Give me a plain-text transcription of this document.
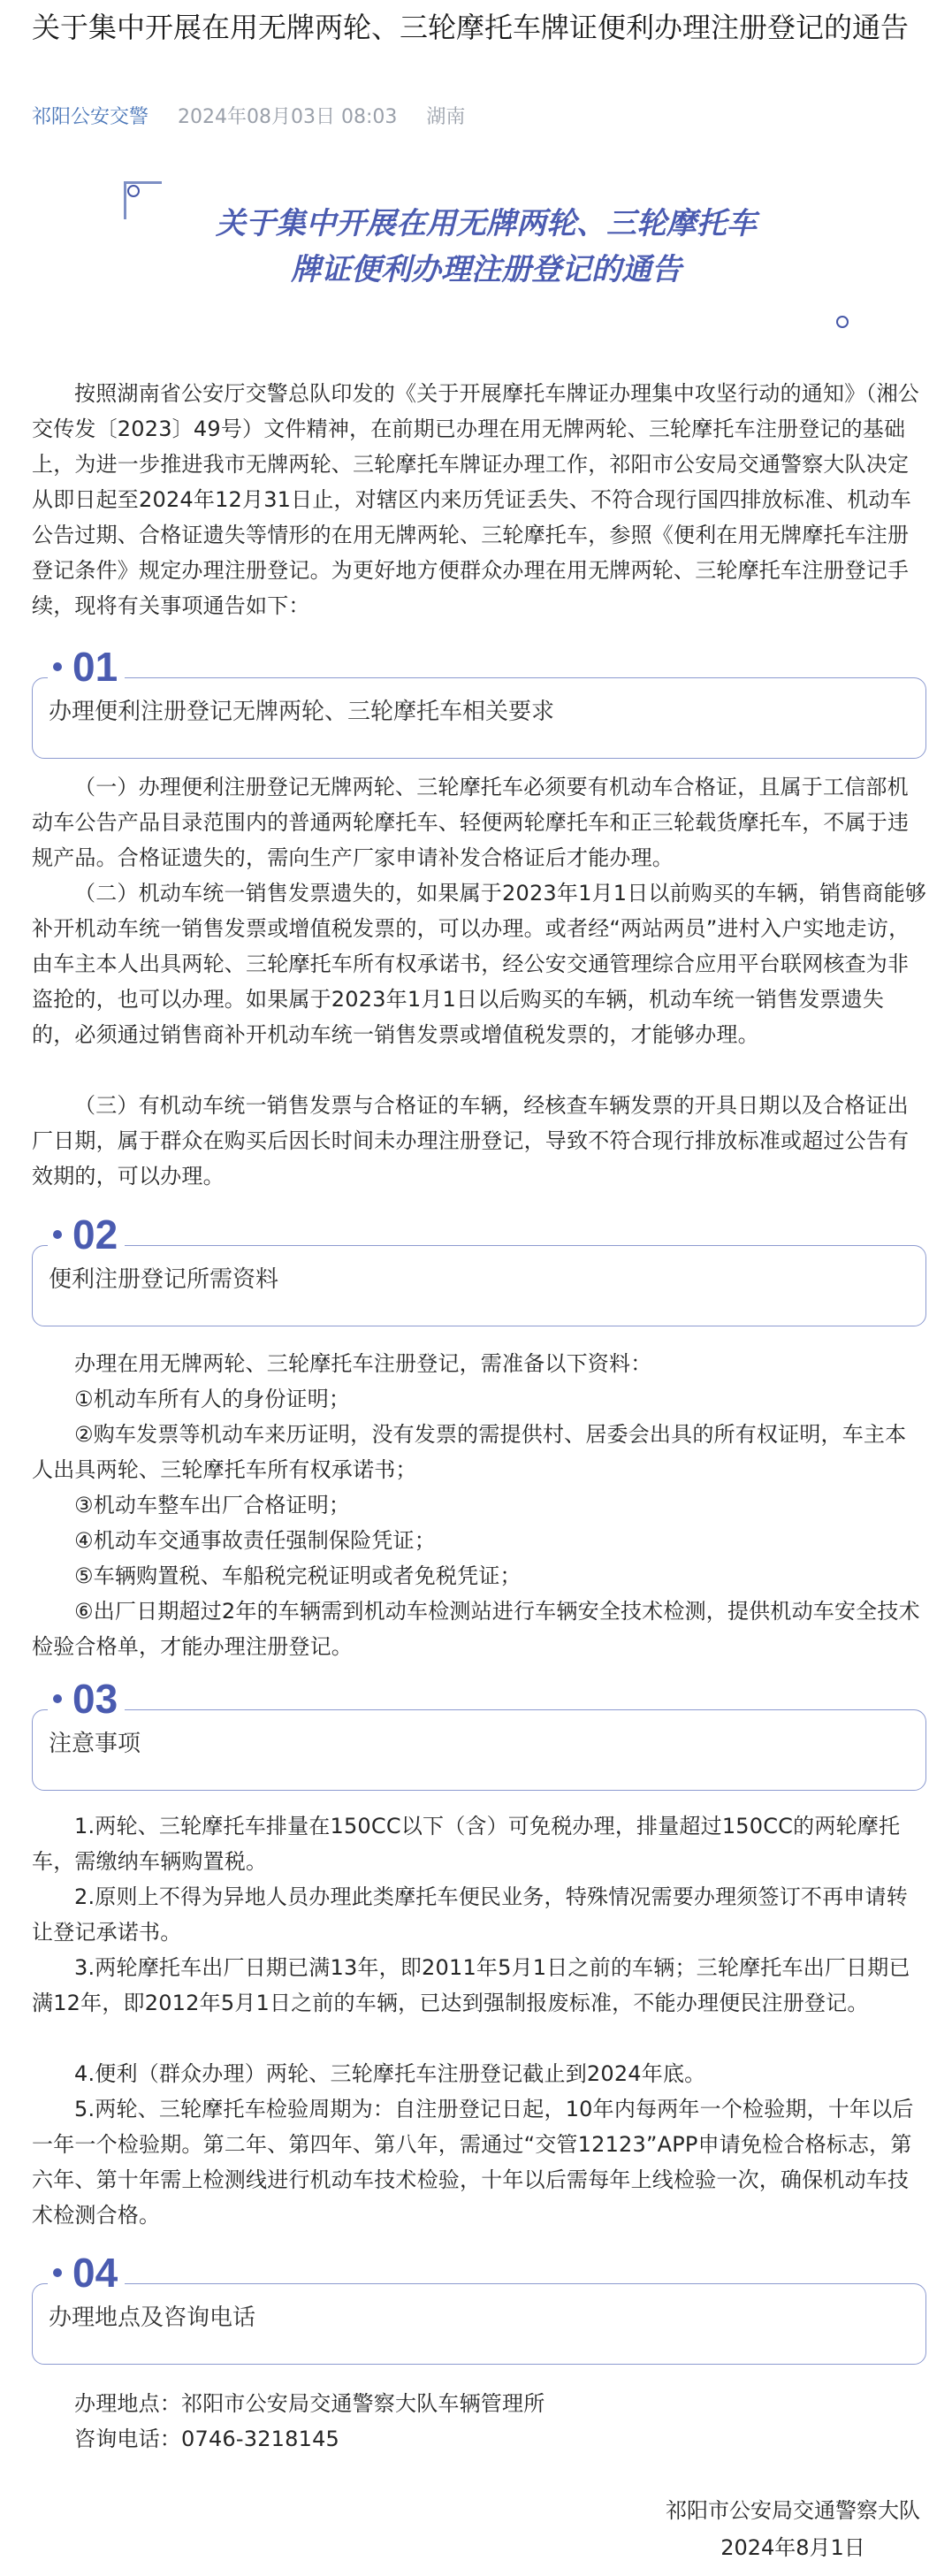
关于集中开展在用无牌两轮、三轮摩托车牌证便利办理注册登记的通告
祁阳公安交警 2024年08月03日 08:03 湖南
关于集中开展在用无牌两轮、三轮摩托车
牌证便利办理注册登记的通告
按照湖南省公安厅交警总队印发的《关于开展摩托车牌证办理集中攻坚行动的通知》（湘公交传发〔2023〕49号）文件精神，在前期已办理在用无牌两轮、三轮摩托车注册登记的基础上，为进一步推进我市无牌两轮、三轮摩托车牌证办理工作，祁阳市公安局交通警察大队决定从即日起至2024年12月31日止，对辖区内来历凭证丢失、不符合现行国四排放标准、机动车公告过期、合格证遗失等情形的在用无牌两轮、三轮摩托车，参照《便利在用无牌摩托车注册登记条件》规定办理注册登记。为更好地方便群众办理在用无牌两轮、三轮摩托车注册登记手续，现将有关事项通告如下：
办理便利注册登记无牌两轮、三轮摩托车相关要求
01
（一）办理便利注册登记无牌两轮、三轮摩托车必须要有机动车合格证，且属于工信部机动车公告产品目录范围内的普通两轮摩托车、轻便两轮摩托车和正三轮载货摩托车，不属于违规产品。合格证遗失的，需向生产厂家申请补发合格证后才能办理。
（二）机动车统一销售发票遗失的，如果属于2023年1月1日以前购买的车辆，销售商能够补开机动车统一销售发票或增值税发票的，可以办理。或者经“两站两员”进村入户实地走访，由车主本人出具两轮、三轮摩托车所有权承诺书，经公安交通管理综合应用平台联网核查为非盗抢的，也可以办理。如果属于2023年1月1日以后购买的车辆，机动车统一销售发票遗失的，必须通过销售商补开机动车统一销售发票或增值税发票的，才能够办理。
（三）有机动车统一销售发票与合格证的车辆，经核查车辆发票的开具日期以及合格证出厂日期，属于群众在购买后因长时间未办理注册登记，导致不符合现行排放标准或超过公告有效期的，可以办理。
便利注册登记所需资料
02
办理在用无牌两轮、三轮摩托车注册登记，需准备以下资料：
①机动车所有人的身份证明；
②购车发票等机动车来历证明，没有发票的需提供村、居委会出具的所有权证明，车主本人出具两轮、三轮摩托车所有权承诺书；
③机动车整车出厂合格证明；
④机动车交通事故责任强制保险凭证；
⑤车辆购置税、车船税完税证明或者免税凭证；
⑥出厂日期超过2年的车辆需到机动车检测站进行车辆安全技术检测，提供机动车安全技术检验合格单，才能办理注册登记。
注意事项
03
1.两轮、三轮摩托车排量在150CC以下（含）可免税办理，排量超过150CC的两轮摩托车，需缴纳车辆购置税。
2.原则上不得为异地人员办理此类摩托车便民业务，特殊情况需要办理须签订不再申请转让登记承诺书。
3.两轮摩托车出厂日期已满13年，即2011年5月1日之前的车辆；三轮摩托车出厂日期已满12年，即2012年5月1日之前的车辆，已达到强制报废标准，不能办理便民注册登记。
4.便利（群众办理）两轮、三轮摩托车注册登记截止到2024年底。
5.两轮、三轮摩托车检验周期为：自注册登记日起，10年内每两年一个检验期，十年以后一年一个检验期。第二年、第四年、第八年，需通过“交管12123”APP申请免检合格标志，第六年、第十年需上检测线进行机动车技术检验，十年以后需每年上线检验一次，确保机动车技术检测合格。
办理地点及咨询电话
04
办理地点：祁阳市公安局交通警察大队车辆管理所
咨询电话：0746-3218145
祁阳市公安局交通警察大队
2024年8月1日
